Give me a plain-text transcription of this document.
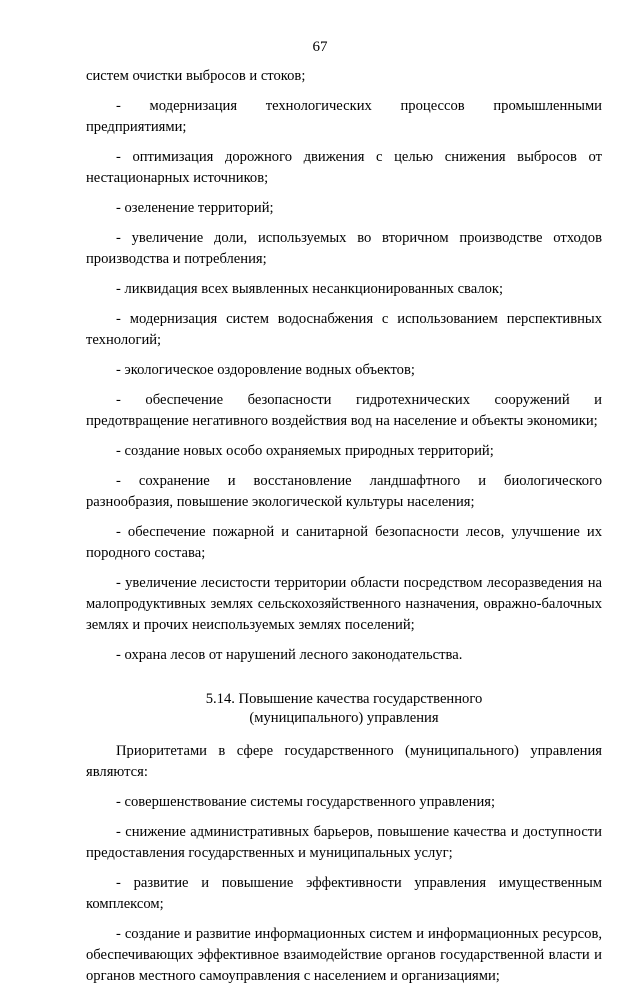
67

систем очистки выбросов и стоков;

- модернизация технологических процессов промышленными предприятиями;

- оптимизация дорожного движения с целью снижения выбросов от нестационарных источников;

- озеленение территорий;

- увеличение доли, используемых во вторичном производстве отходов производства и потребления;

- ликвидация всех выявленных несанкционированных свалок;

- модернизация систем водоснабжения с использованием перспективных технологий;

- экологическое оздоровление водных объектов;

- обеспечение безопасности гидротехнических сооружений и предотвращение негативного воздействия вод на население и объекты экономики;

- создание новых особо охраняемых природных территорий;

- сохранение и восстановление ландшафтного и биологического разнообразия, повышение экологической культуры населения;

- обеспечение пожарной и санитарной безопасности лесов, улучшение их породного состава;

- увеличение лесистости территории области посредством лесоразведения на малопродуктивных землях сельскохозяйственного назначения, овражно-балочных землях и прочих неиспользуемых землях поселений;

- охрана лесов от нарушений лесного законодательства.

5.14. Повышение качества государственного
(муниципального) управления

Приоритетами в сфере государственного (муниципального) управления являются:

- совершенствование системы государственного управления;

- снижение административных барьеров, повышение качества и доступности предоставления государственных и муниципальных услуг;

- развитие и повышение эффективности управления имущественным комплексом;

- создание и развитие информационных систем и информационных ресурсов, обеспечивающих эффективное взаимодействие органов государственной власти и органов местного самоуправления с населением и организациями;
